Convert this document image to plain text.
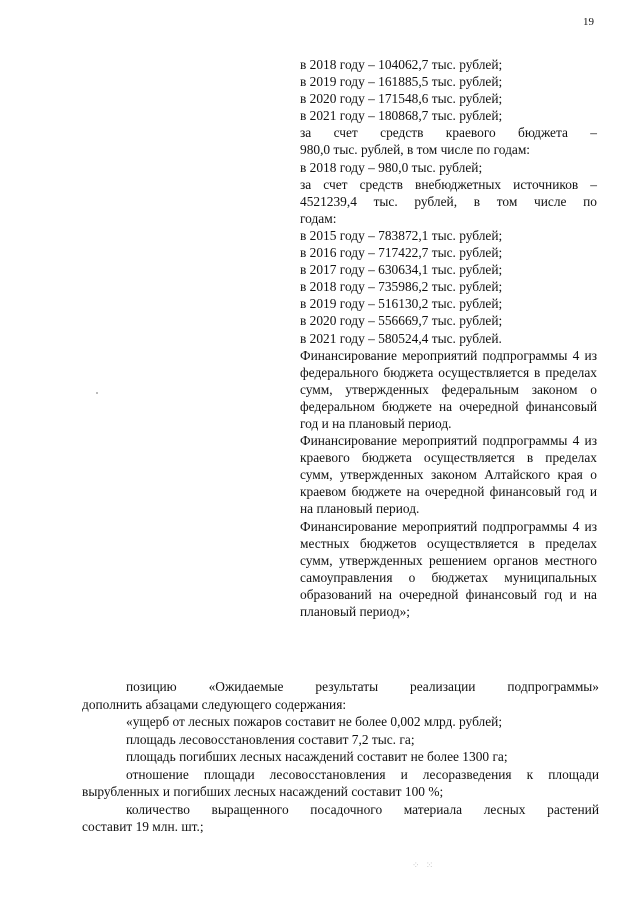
19
в 2018 году – 104062,7 тыс. рублей;
в 2019 году – 161885,5 тыс. рублей;
в 2020 году – 171548,6 тыс. рублей;
в 2021 году – 180868,7 тыс. рублей;
за счет средств краевого бюджета –
980,0 тыс. рублей, в том числе по годам:
в 2018 году – 980,0 тыс. рублей;
за счет средств внебюджетных источников –
4521239,4 тыс. рублей, в том числе по
годам:
в 2015 году – 783872,1 тыс. рублей;
в 2016 году – 717422,7 тыс. рублей;
в 2017 году – 630634,1 тыс. рублей;
в 2018 году – 735986,2 тыс. рублей;
в 2019 году – 516130,2 тыс. рублей;
в 2020 году – 556669,7 тыс. рублей;
в 2021 году – 580524,4 тыс. рублей.
Финансирование мероприятий подпрограммы 4 из федерального бюджета осуществляется в пределах сумм, утвержденных федеральным законом о федеральном бюджете на очередной финансовый год и на плановый период.
Финансирование мероприятий подпрограммы 4 из краевого бюджета осуществляется в пределах сумм, утвержденных законом Алтайского края о краевом бюджете на очередной финансовый год и на плановый период.
Финансирование мероприятий подпрограммы 4 из местных бюджетов осуществляется в пределах сумм, утвержденных решением органов местного самоуправления о бюджетах муниципальных образований на очередной финансовый год и на плановый период»;
позицию «Ожидаемые результаты реализации подпрограммы»
дополнить абзацами следующего содержания:
«ущерб от лесных пожаров составит не более 0,002 млрд. рублей;
площадь лесовосстановления составит 7,2 тыс. га;
площадь погибших лесных насаждений составит не более 1300 га;
отношение площади лесовосстановления и лесоразведения к площади
вырубленных и погибших лесных насаждений составит 100 %;
количество выращенного посадочного материала лесных растений
составит 19 млн. шт.;
⁘ ⁙
